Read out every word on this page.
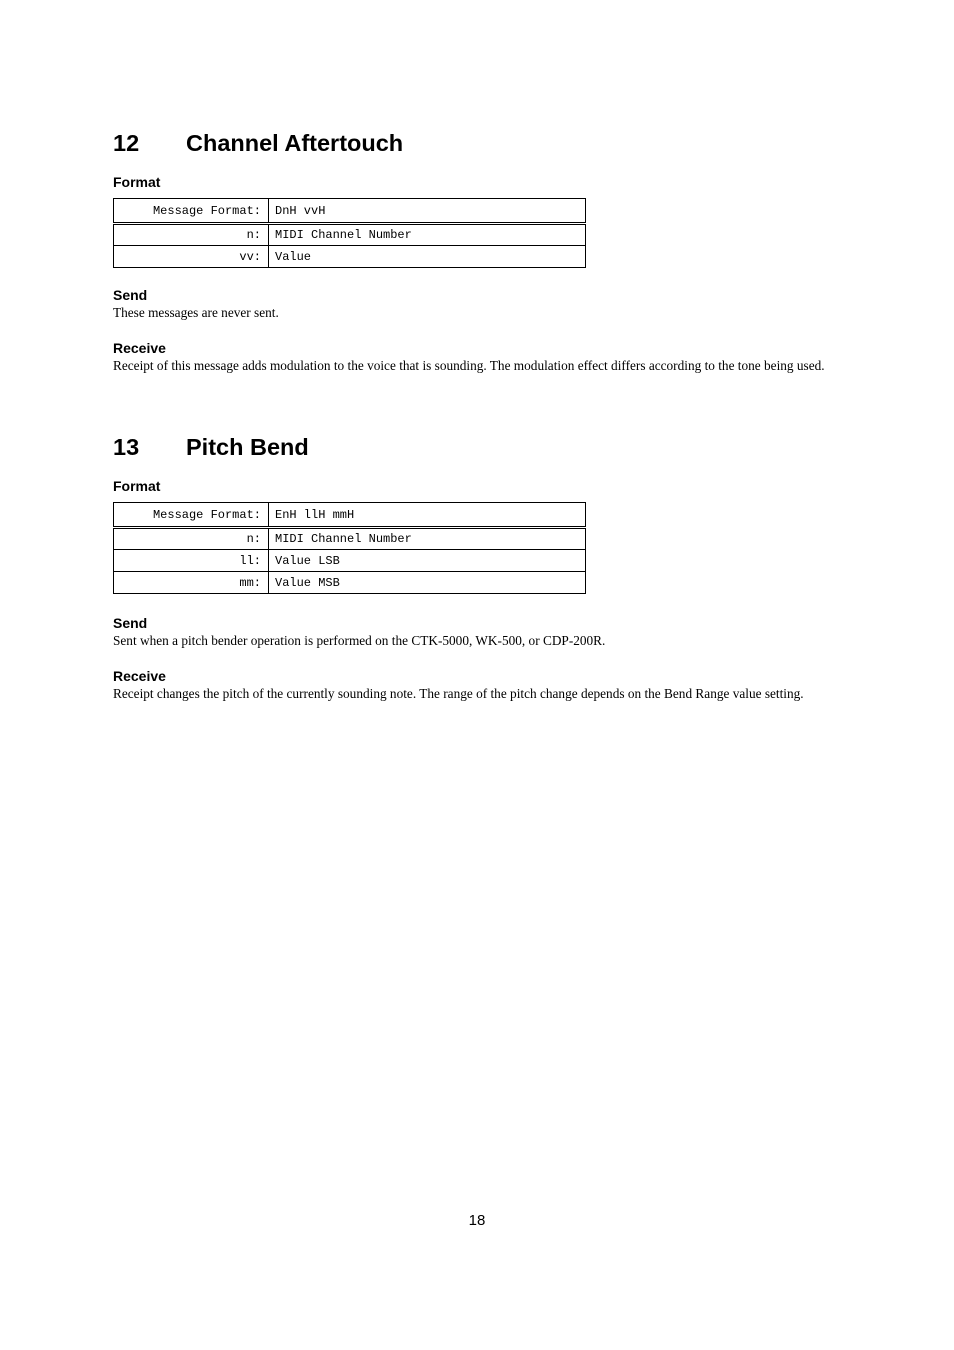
12	Channel Aftertouch

Format

Message Format:	DnH vvH
n:	MIDI Channel Number
vv:	Value

Send

These messages are never sent.

Receive

Receipt of this message adds modulation to the voice that is sounding. The modulation effect differs according to the tone being used.

13	Pitch Bend

Format

Message Format:	EnH llH mmH
n:	MIDI Channel Number
ll:	Value LSB
mm:	Value MSB

Send

Sent when a pitch bender operation is performed on the CTK-5000, WK-500, or CDP-200R.

Receive

Receipt changes the pitch of the currently sounding note. The range of the pitch change depends on the Bend Range value setting.

18
